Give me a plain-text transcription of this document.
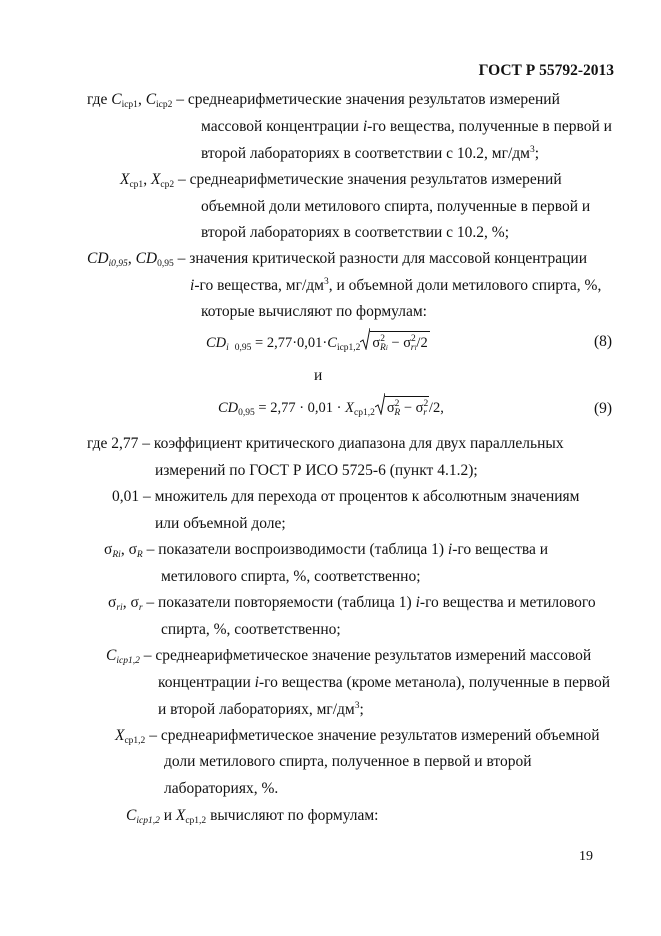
ГОСТ Р 55792-2013
где $C_{iср1}$, $C_{iср2}$ – среднеарифметические значения результатов измерений
массовой концентрации i-го вещества, полученные в первой и
второй лабораториях в соответствии с 10.2, $мг/дм^3$;
$X_{ср1}$, $X_{ср2}$ – среднеарифметические значения результатов измерений
объемной доли метилового спирта, полученные в первой и
второй лабораториях в соответствии с 10.2, %;
$CD_{i0,95}$, $CD_{0,95}$ – значения критической разности для массовой концентрации
i-го вещества, $мг/дм^3$, и объемной доли метилового спирта, %,
которые вычисляют по формулам:
$CD_i$ $_{0,95} = 2,77\cdot 0,01\cdot C_{iср1,2}$ $\sigma^2_{Ri} - \sigma^2_{ri}/2$	(8)
и
$CD_{0,95} = 2,77 \cdot 0,01 \cdot X_{ср1,2}$ $\sigma^2_R - \sigma^2_r$ /2,	(9)
где 2,77 – коэффициент критического диапазона для двух параллельных
измерений по ГОСТ Р ИСО 5725-6 (пункт 4.1.2);
0,01 – множитель для перехода от процентов к абсолютным значениям
или объемной доле;
$\sigma_{Ri}$, $\sigma_R$ – показатели воспроизводимости (таблица 1) i-го вещества и
метилового спирта, %, соответственно;
$\sigma_{ri}$, $\sigma_r$ – показатели повторяемости (таблица 1) i-го вещества и метилового
спирта, %, соответственно;
$C_{iср1,2}$ – среднеарифметическое значение результатов измерений массовой
концентрации i-го вещества (кроме метанола), полученные в первой
и второй лабораториях, $мг/дм^3$;
$X_{ср1,2}$ – среднеарифметическое значение результатов измерений объемной
доли метилового спирта, полученное в первой и второй
лабораториях, %.
$C_{iср1,2}$ и $X_{ср1,2}$ вычисляют по формулам:
19
